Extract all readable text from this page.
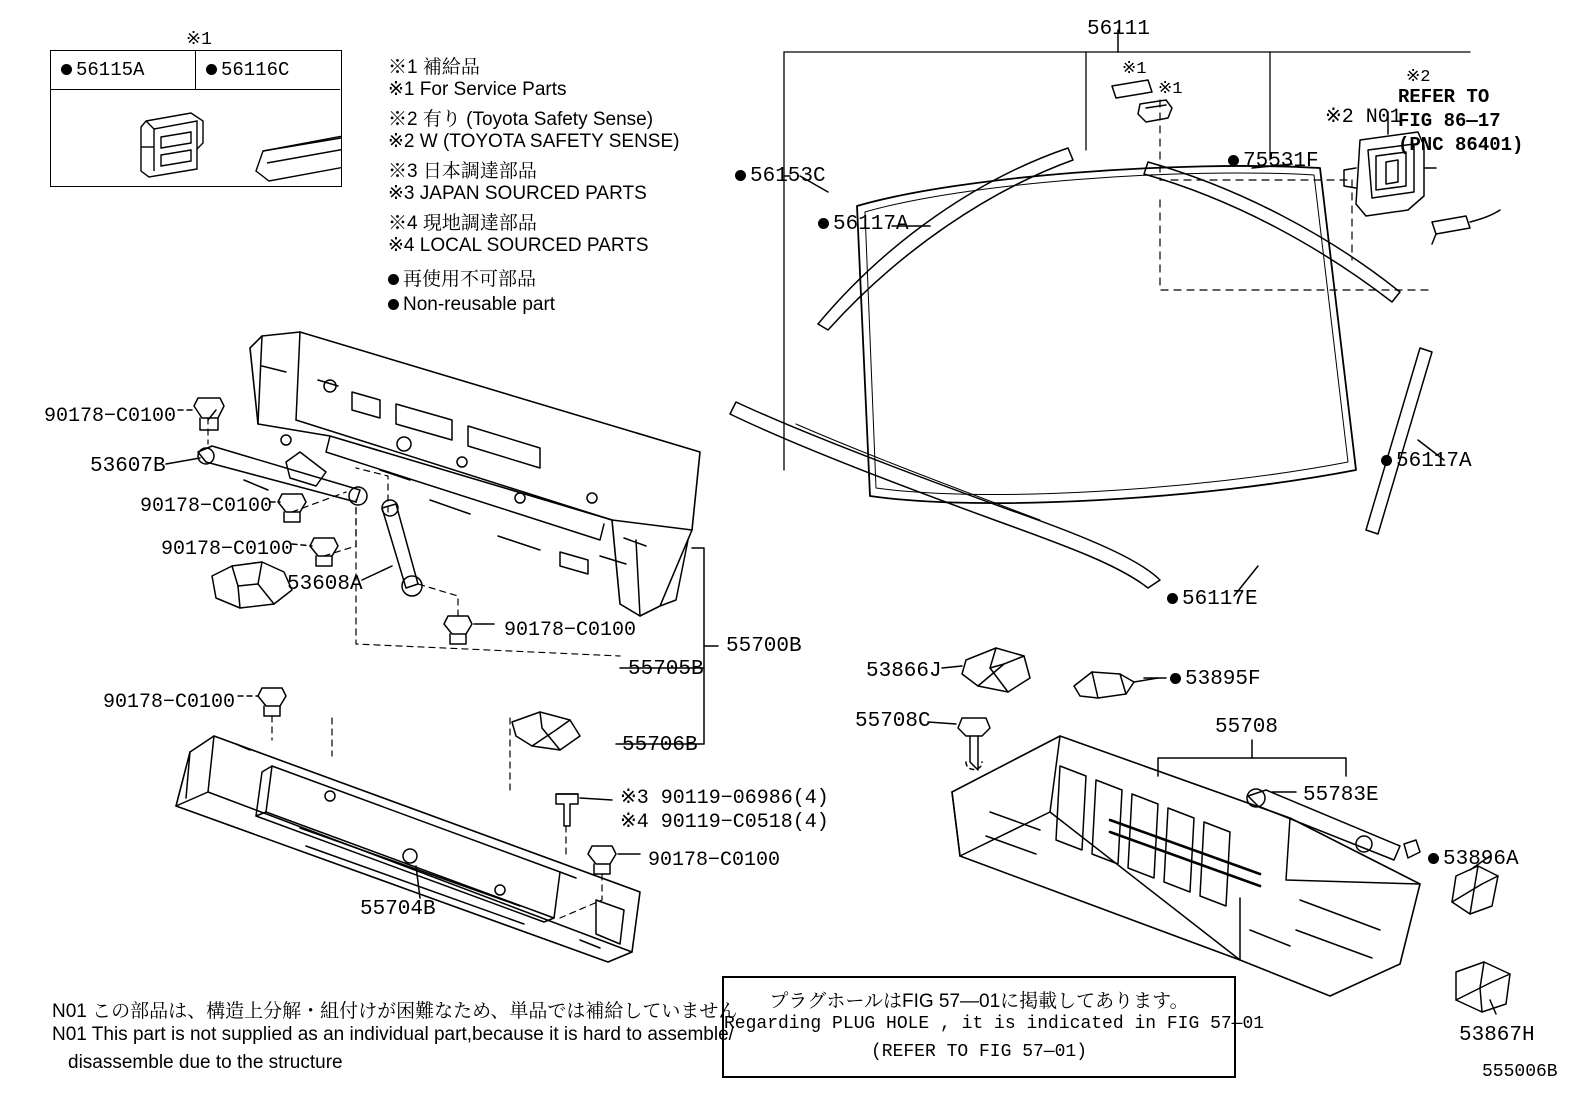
※1
56115A	56116C	※1 補給品
※1 For Service Parts
※2 有り (Toyota Safety Sense)
※2 W (TOYOTA SAFETY SENSE)
※3 日本調達部品
※3 JAPAN SOURCED PARTS
※4 現地調達部品
※4 LOCAL SOURCED PARTS
再使用不可部品
Non-reusable part
56111
56153C
56117A
75531F
56117A
56117E
※2 N01
53866J	53895F
55708C	55708
55783E
53896A
53867H
90178−C0100
53607B
90178−C0100
90178−C0100
53608A
90178−C0100
55700B
55705B
55706B
90178−C0100
※3 90119−06986(4)
※4 90119−C0518(4)
90178−C0100
55704B
※1
※1
※2
REFER TO
FIG 86—17
(PNC 86401)
N01 この部品は、構造上分解・組付けが困難なため、単品では補給していません
N01 This part is not supplied as an individual part,because it is hard to assemble/
disassemble due to the structure
プラグホールはFIG 57—01に掲載してあります。
Regarding PLUG HOLE , it is indicated in FIG 57—01
(REFER TO FIG 57—01)
555006B
